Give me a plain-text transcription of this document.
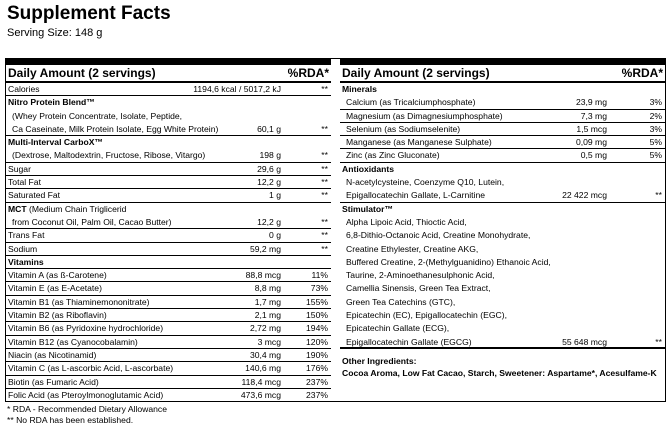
Supplement Facts
Serving Size: 148 g
Daily Amount (2 servings)	%RDA*
Calories	1194,6 kcal / 5017,2 kJ	**
Nitro Protein Blend™
(Whey Protein Concentrate, Isolate, Peptide,
Ca Caseinate, Milk Protein Isolate, Egg White Protein)	60,1 g	**
Multi-Interval CarboX™
(Dextrose, Maltodextrin, Fructose, Ribose, Vitargo)	198 g	**
Sugar	29,6 g	**
Total Fat	12,2 g	**
Saturated Fat	1 g	**
MCT (Medium Chain Triglicerid
from Coconut Oil, Palm Oil, Cacao Butter)	12,2 g	**
Trans Fat	0 g	**
Sodium	59,2 mg	**
Vitamins
Vitamin A (as ß-Carotene)	88,8 mcg	11%
Vitamin E (as E-Acetate)	8,8 mg	73%
Vitamin B1 (as Thiaminemononitrate)	1,7 mg	155%
Vitamin B2 (as Riboflavin)	2,1 mg	150%
Vitamin B6 (as Pyridoxine hydrochloride)	2,72 mg	194%
Vitamin B12 (as Cyanocobalamin)	3 mcg	120%
Niacin (as Nicotinamid)	30,4 mg	190%
Vitamin C (as L-ascorbic Acid, L-ascorbate)	140,6 mg	176%
Biotin (as Fumaric Acid)	118,4 mcg	237%
Folic Acid (as Pteroylmonoglutamic Acid)	473,6 mcg	237%
Daily Amount (2 servings)	%RDA*
Minerals
Calcium (as Tricalciumphosphate)	23,9 mg	3%
Magnesium (as Dimagnesiumphosphate)	7,3 mg	2%
Selenium (as Sodiumselenite)	1,5 mcg	3%
Manganese (as Manganese Sulphate)	0,09 mg	5%
Zinc (as Zinc Gluconate)	0,5 mg	5%
Antioxidants
N-acetylcysteine, Coenzyme Q10, Lutein,
Epigallocatechin Gallate, L-Carnitine	22 422 mcg	**
Stimulator™
Alpha Lipoic Acid, Thioctic Acid,
6,8-Dithio-Octanoic Acid, Creatine Monohydrate,
Creatine Ethylester, Creatine AKG,
Buffered Creatine, 2-(Methylguanidino) Ethanoic Acid,
Taurine, 2-Aminoethanesulphonic Acid,
Camellia Sinensis, Green Tea Extract,
Green Tea Catechins (GTC),
Epicatechin (EC), Epigallocatechin (EGC),
Epicatechin Gallate (ECG),
Epigallocatechin Gallate (EGCG)	55 648 mcg	**
Other Ingredients:
Cocoa Aroma, Low Fat Cacao, Starch, Sweetener: Aspartame*, Acesulfame-K
* RDA - Recommended Dietary Allowance
** No RDA has been established.
